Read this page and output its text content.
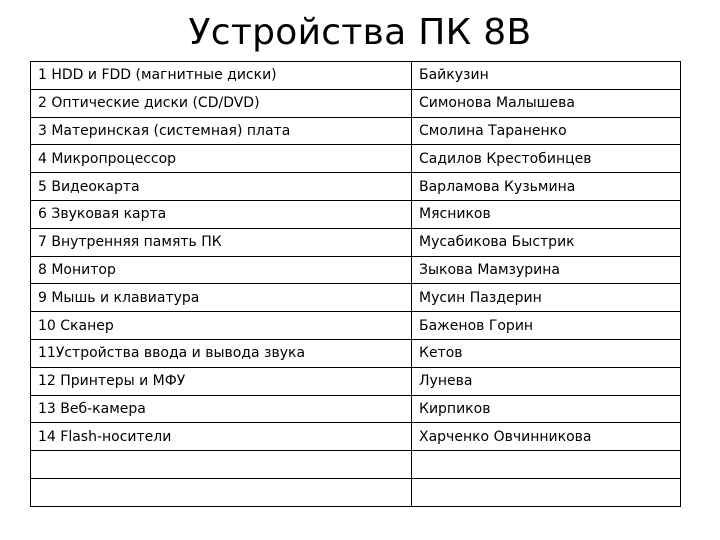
Устройства ПК 8В
1 HDD и FDD (магнитные диски)	Байкузин
2 Оптические диски (CD/DVD)	Симонова Малышева
3 Материнская (системная) плата	Смолина Тараненко
4 Микропроцессор	Садилов Крестобинцев
5 Видеокарта	Варламова Кузьмина
6 Звуковая карта	Мясников
7 Внутренняя память ПК	Мусабикова Быстрик
8 Монитор	Зыкова Мамзурина
9 Мышь и клавиатура	Мусин Паздерин
10 Сканер	Баженов Горин
11Устройства ввода и вывода звука	Кетов
12 Принтеры и МФУ	Лунева
13 Веб-камера	Кирпиков
14 Flash-носители	Харченко Овчинникова
